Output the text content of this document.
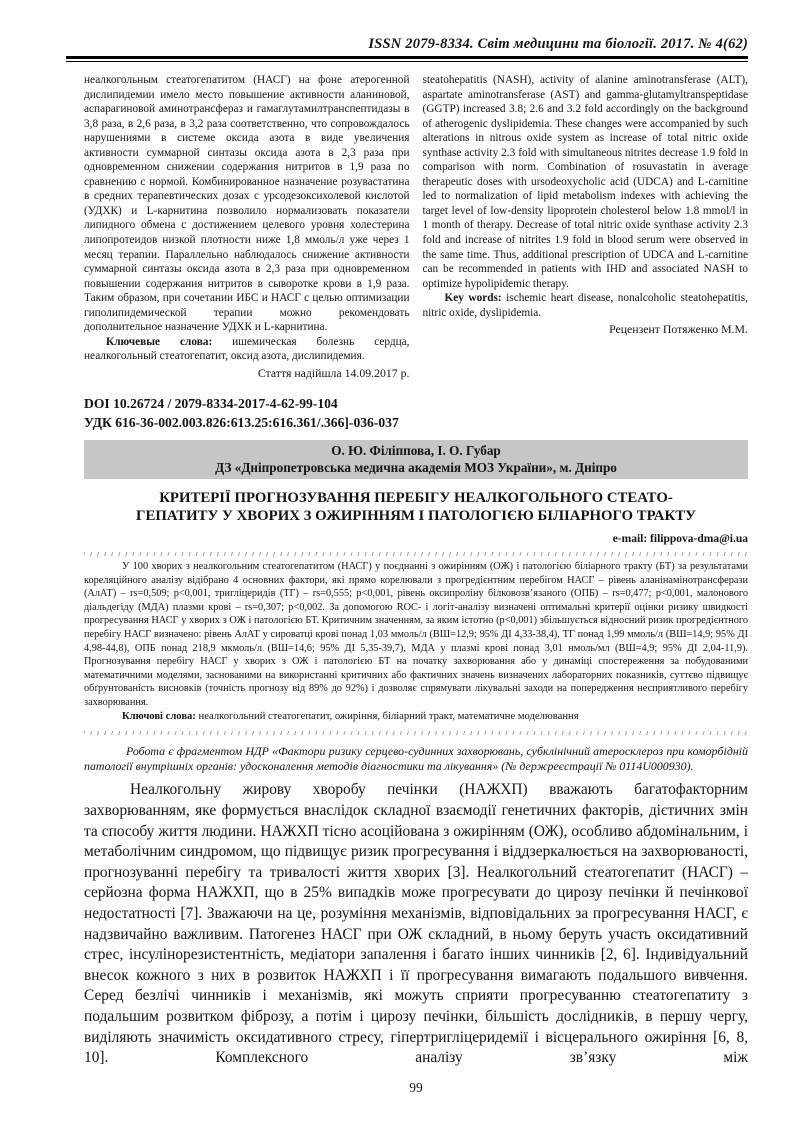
ISSN 2079-8334. Світ медицини та біології. 2017. № 4(62)

неалкогольным стеатогепатитом (НАСГ) на фоне атерогенной дислипидемии имело место повышение активности аланиновой, аспарагиновой аминотрансфераз и гамаглутамилтранспептидазы в 3,8 раза, в 2,6 раза, в 3,2 раза соответственно, что сопровождалось нарушениями в системе оксида азота в виде увеличения активности суммарной синтазы оксида азота в 2,3 раза при одновременном снижении содержания нитритов в 1,9 раза по сравнению с нормой. Комбинированное назначение розувастатина в средних терапевтических дозах с урсодезоксихолевой кислотой (УДХК) и L-карнитина позволило нормализовать показатели липидного обмена с достижением целевого уровня холестерина липопротеидов низкой плотности ниже 1,8 ммоль/л уже через 1 месяц терапии. Параллельно наблюдалось снижение активности суммарной синтазы оксида азота в 2,3 раза при одновременном повышении содержания нитритов в сыворотке крови в 1,9 раза. Таким образом, при сочетании ИБС и НАСГ с целью оптимизации гиполипидемической терапии можно рекомендовать дополнительное назначение УДХК и L-карнитина.

Ключевые слова: ишемическая болезнь сердца, неалкогольный стеатогепатит, оксид азота, дислипидемия.

Стаття надійшла 14.09.2017 р.

steatohepatitis (NASH), activity of alanine aminotransferase (ALT), aspartate aminotransferase (AST) and gamma-glutamyltranspeptidase (GGTP) increased 3.8; 2.6 and 3.2 fold accordingly on the background of atherogenic dyslipidemia. These changes were accompanied by such alterations in nitrous oxide system as increase of total nitric oxide synthase activity 2.3 fold with simultaneous nitrites decrease 1.9 fold in comparison with norm. Combination of rosuvastatin in average therapeutic doses with ursodeoxycholic acid (UDCA) and L-carnitine led to normalization of lipid metabolism indexes with achieving the target level of low-density lipoprotein cholesterol below 1.8 mmol/l in 1 month of therapy. Decrease of total nitric oxide synthase activity 2.3 fold and increase of nitrites 1.9 fold in blood serum were observed in the same time. Thus, additional prescription of UDCA and L-carnitine can be recommended in patients with IHD and associated NASH to optimize hypolipidemic therapy.

Key words: ischemic heart disease, nonalcoholic steatohepatitis, nitric oxide, dyslipidemia.

Рецензент Потяженко М.М.

DOI 10.26724 / 2079-8334-2017-4-62-99-104
УДК 616-36-002.003.826:613.25:616.361/.366]-036-037
О. Ю. Філіппова, І. О. Губар
ДЗ «Дніпропетровська медична академія МОЗ України», м. Дніпро
КРИТЕРІЇ ПРОГНОЗУВАННЯ ПЕРЕБІГУ НЕАЛКОГОЛЬНОГО СТЕАТО-
ГЕПАТИТУ У ХВОРИХ З ОЖИРІННЯМ І ПАТОЛОГІЄЮ БІЛІАРНОГО ТРАКТУ
e-mail: filippova-dma@i.ua

У 100 хворих з неалкогольним стеатогепатитом (НАСГ) у поєднанні з ожирінням (ОЖ) і патологією біліарного тракту (БТ) за результатами кореляційного аналізу відібрано 4 основних фактори, які прямо корелювали з прогредієнтним перебігом НАСГ – рівень аланінамінотрансферази (АлАТ) – rs=0,509; р<0,001, тригліцеридів (ТГ) – rs=0,555; р<0,001, рівень оксипроліну білковозв’язаного (ОПБ) – rs=0,477; р<0,001, малонового діальдегіду (МДА) плазми крові – rs=0,307; р<0,002. За допомогою ROC- і логіт-аналізу визначені оптимальні критерії оцінки ризику швидкості прогресування НАСГ у хворих з ОЖ і патологією БТ. Критичним значенням, за яким істотно (р<0,001) збільшується відносний ризик прогредієнтного перебігу НАСГ визначено: рівень АлАТ у сироватці крові понад 1,03 ммоль/л (ВШ=12,9; 95% ДІ 4,33-38,4), ТГ понад 1,99 ммоль/л (ВШ=14,9; 95% ДІ 4,98-44,8), ОПБ понад 218,9 мкмоль/л (ВШ=14,6; 95% ДІ 5,35-39,7), МДА у плазмі крові понад 3,01 нмоль/мл (ВШ=4,9; 95% ДІ 2,04-11,9). Прогнозування перебігу НАСГ у хворих з ОЖ і патологією БТ на початку захворювання або у динаміці спостереження за побудованими математичними моделями, заснованими на використанні критичних або фактичних значень визначених лабораторних показників, суттєво підвищує обґрунтованість висновків (точність прогнозу від 89% до 92%) і дозволяє спрямувати лікувальні заходи на попередження несприятливого перебігу захворювання.

Ключові слова: неалкогольний стеатогепатит, ожиріння, біліарний тракт, математичне моделювання

Робота є фрагментом НДР «Фактори ризику серцево-судинних захворювань, субклінічний атеросклероз при коморбідній патології внутрішніх органів: удосконалення методів діагностики та лікування» (№ держреєстрації № 0114U000930).

Неалкогольну жирову хворобу печінки (НАЖХП) вважають багатофакторним захворюванням, яке формується внаслідок складної взаємодії генетичних факторів, дієтичних змін та способу життя людини. НАЖХП тісно асоційована з ожирінням (ОЖ), особливо абдомінальним, і метаболічним синдромом, що підвищує ризик прогресування і віддзеркалюється на захворюваності, прогнозуванні перебігу та тривалості життя хворих [3]. Неалкогольний стеатогепатит (НАСГ) – серйозна форма НАЖХП, що в 25% випадків може прогресувати до цирозу печінки й печінкової недостатності [7]. Зважаючи на це, розуміння механізмів, відповідальних за прогресування НАСГ, є надзвичайно важливим. Патогенез НАСГ при ОЖ складний, в ньому беруть участь оксидативний стрес, інсулінорезистентність, медіатори запалення і багато інших чинників [2, 6]. Індивідуальний внесок кожного з них в розвиток НАЖХП і її прогресування вимагають подальшого вивчення. Серед безлічі чинників і механізмів, які можуть сприяти прогресуванню стеатогепатиту з подальшим розвитком фіброзу, а потім і цирозу печінки, більшість дослідників, в першу чергу, виділяють значимість оксидативного стресу, гіпертригліцеридемії і вісцерального ожиріння [6, 8, 10]. Комплексного аналізу зв’язку між

99
